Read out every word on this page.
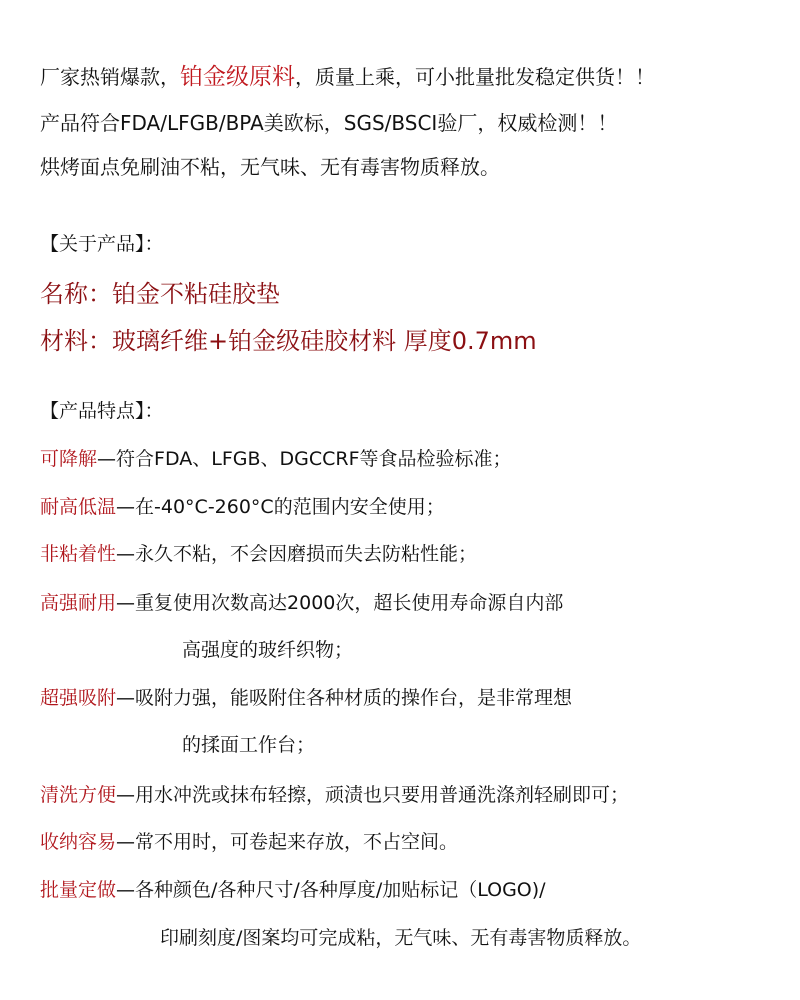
厂家热销爆款，铂金级原料，质量上乘，可小批量批发稳定供货！！
产品符合FDA/LFGB/BPA美欧标，SGS/BSCI验厂，权威检测！！
烘烤面点免刷油不粘，无气味、无有毒害物质释放。
【关于产品】：
名称：铂金不粘硅胶垫
材料：玻璃纤维+铂金级硅胶材料 厚度0.7mm
【产品特点】：
可降解—符合FDA、LFGB、DGCCRF等食品检验标准；
耐高低温—在-40°C-260°C的范围内安全使用；
非粘着性—永久不粘，不会因磨损而失去防粘性能；
高强耐用—重复使用次数高达2000次，超长使用寿命源自内部
高强度的玻纤织物；
超强吸附—吸附力强，能吸附住各种材质的操作台，是非常理想
的揉面工作台；
清洗方便—用水冲洗或抹布轻擦，顽渍也只要用普通洗涤剂轻刷即可；
收纳容易—常不用时，可卷起来存放，不占空间。
批量定做—各种颜色/各种尺寸/各种厚度/加贴标记（LOGO)/
印刷刻度/图案均可完成粘，无气味、无有毒害物质释放。
